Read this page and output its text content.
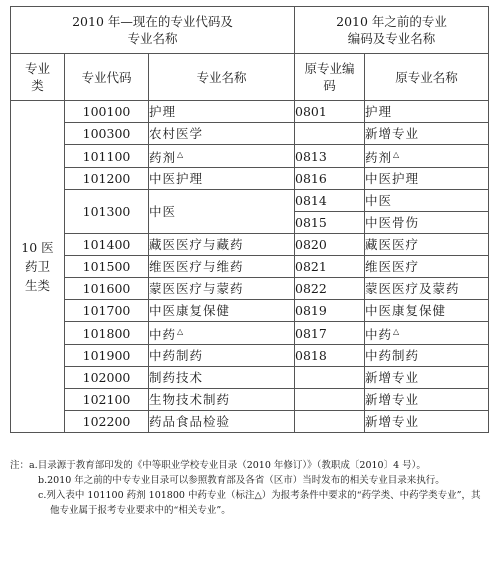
2010 年—现在的专业代码及专业名称			2010 年之前的专业编码及专业名称	
专业类	专业代码	专业名称	原专业编码	原专业名称
10 医药卫生类	100100	护理	0801	护理
	100300	农村医学		新增专业
	101100	药剂△	0813	药剂△
	101200	中医护理	0816	中医护理
	101300	中医	0814	中医
			0815	中医骨伤
	101400	藏医医疗与藏药	0820	藏医医疗
	101500	维医医疗与维药	0821	维医医疗
	101600	蒙医医疗与蒙药	0822	蒙医医疗及蒙药
	101700	中医康复保健	0819	中医康复保健
	101800	中药△	0817	中药△
	101900	中药制药	0818	中药制药
	102000	制药技术		新增专业
	102100	生物技术制药		新增专业
	102200	药品食品检验		新增专业
注：a.目录源于教育部印发的《中等职业学校专业目录（2010 年修订）》（教职成〔2010〕4 号）。
b.2010 年之前的中专专业目录可以参照教育部及各省（区市）当时发布的相关专业目录来执行。
c.列入表中 101100 药剂 101800 中药专业（标注△）为报考条件中要求的“药学类、中药学类专业”，其他专业属于报考专业要求中的“相关专业”。
